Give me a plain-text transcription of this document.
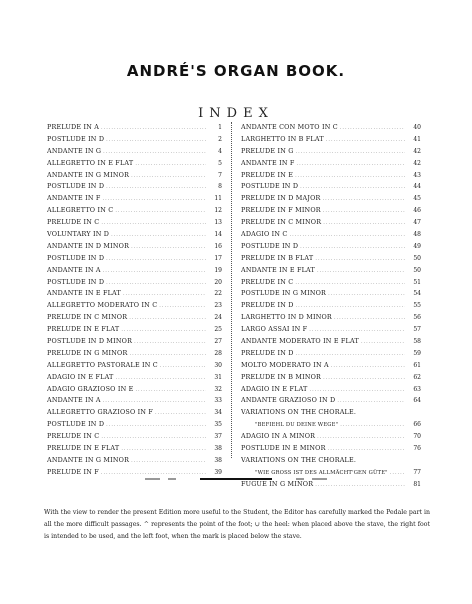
ANDRÉ'S ORGAN BOOK.
INDEX
PRELUDE IN A .....	1
POSTLUDE IN D .....	2
ANDANTE IN G .....	4
ALLEGRETTO IN E FLAT .....	5
ANDANTE IN G MINOR .....	7
POSTLUDE IN D .....	8
ANDANTE IN F .....	11
ALLEGRETTO IN C .....	12
PRELUDE IN C .....	13
VOLUNTARY IN D .....	14
ANDANTE IN D MINOR .....	16
POSTLUDE IN D .....	17
ANDANTE IN A .....	19
POSTLUDE IN D .....	20
ANDANTE IN E FLAT .....	22
ALLEGRETTO MODERATO IN C .....	23
PRELUDE IN C MINOR .....	24
PRELUDE IN E FLAT .....	25
POSTLUDE IN D MINOR .....	27
PRELUDE IN G MINOR .....	28
ALLEGRETTO PASTORALE IN C .....	30
ADAGIO IN E FLAT .....	31
ADAGIO GRAZIOSO IN E .....	32
ANDANTE IN A .....	33
ALLEGRETTO GRAZIOSO IN F .....	34
POSTLUDE IN D .....	35
PRELUDE IN C .....	37
PRELUDE IN E FLAT .....	38
ANDANTE IN G MINOR .....	38
PRELUDE IN F .....	39
ANDANTE CON MOTO IN C .....	40
LARGHETTO IN B FLAT .....	41
PRELUDE IN G .....	42
ANDANTE IN F .....	42
PRELUDE IN E .....	43
POSTLUDE IN D .....	44
PRELUDE IN D MAJOR .....	45
PRELUDE IN F MINOR .....	46
PRELUDE IN C MINOR .....	47
ADAGIO IN C .....	48
POSTLUDE IN D .....	49
PRELUDE IN B FLAT .....	50
ANDANTE IN E FLAT .....	50
PRELUDE IN C .....	51
POSTLUDE IN G MINOR .....	54
PRELUDE IN D .....	55
LARGHETTO IN D MINOR .....	56
LARGO ASSAI IN F .....	57
ANDANTE MODERATO IN E FLAT .....	58
PRELUDE IN D .....	59
MOLTO MODERATO IN A .....	61
PRELUDE IN B MINOR .....	62
ADAGIO IN E FLAT .....	63
ANDANTE GRAZIOSO IN D .....	64
VARIATIONS ON THE CHORALE.
"BEFIEHL DU DEINE WEGE" .....	66
ADAGIO IN A MINOR .....	70
POSTLUDE IN E MINOR .....	76
VARIATIONS ON THE CHORALE.
"WIE GROSS IST DES ALLMÄCHT'GEN GÜTE" .....	77
FUGUE IN G MINOR .....	81
With the view to render the present Edition more useful to the Student, the Editor has carefully marked the Pedale part in all the more difficult passages. ^ represents the point of the foot; ∪ the heel: when placed above the stave, the right foot is intended to be used, and the left foot, when the mark is placed below the stave.
